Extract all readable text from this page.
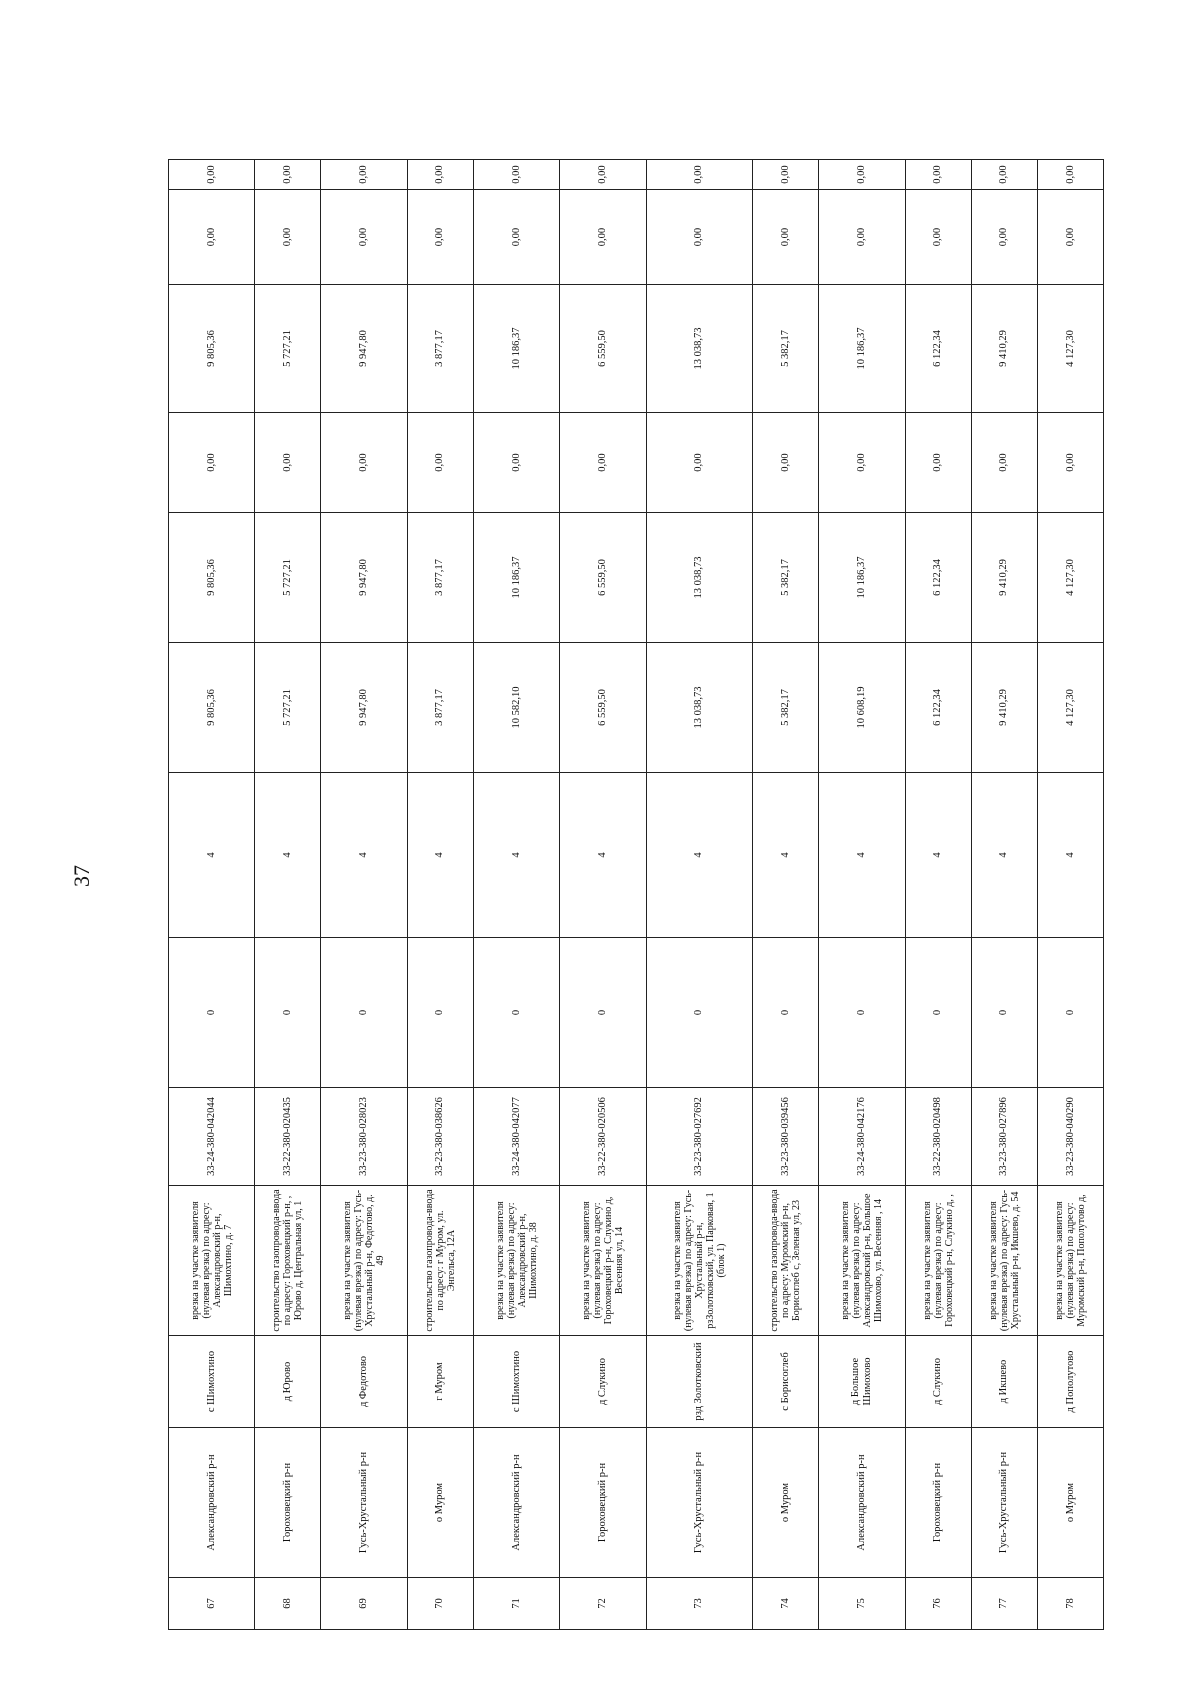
37
67	Александровский р-н	с Шимохтино	врезка на участке заявителя (нулевая врезка) по адресу: Александровский р-н, Шимохтино, д. 7	33-24-380-042044	0	4	9 805,36	9 805,36	0,00	9 805,36	0,00	0,00
68	Гороховецкий р-н	д Юрово	строительство газопровода-ввода по адресу: Гороховецкий р-н, , Юрово д, Центральная ул, 1	33-22-380-020435	0	4	5 727,21	5 727,21	0,00	5 727,21	0,00	0,00
69	Гусь-Хрустальный р-н	д Федотово	врезка на участке заявителя (нулевая врезка) по адресу: Гусь-Хрустальный р-н, Федотово, д. 49	33-23-380-028023	0	4	9 947,80	9 947,80	0,00	9 947,80	0,00	0,00
70	о Муром	г Муром	строительство газопровода-ввода по адресу: г Муром, ул. Энгельса, 12А	33-23-380-038626	0	4	3 877,17	3 877,17	0,00	3 877,17	0,00	0,00
71	Александровский р-н	с Шимохтино	врезка на участке заявителя (нулевая врезка) по адресу: Александровский р-н, Шимохтино, д. 38	33-24-380-042077	0	4	10 582,10	10 186,37	0,00	10 186,37	0,00	0,00
72	Гороховецкий р-н	д Слукино	врезка на участке заявителя (нулевая врезка) по адресу: Гороховецкий р-н, Слукино д, Весенняя ул, 14	33-22-380-020506	0	4	6 559,50	6 559,50	0,00	6 559,50	0,00	0,00
73	Гусь-Хрустальный р-н	рзд Золотковский	врезка на участке заявителя (нулевая врезка) по адресу: Гусь-Хрустальный р-н, рзЗолотковский, ул. Парковая, 1 (блок 1)	33-23-380-027692	0	4	13 038,73	13 038,73	0,00	13 038,73	0,00	0,00
74	о Муром	с Борисоглеб	строительство газопровода-ввода по адресу: Муромский р-н, Борисоглеб с, Зеленая ул, 23	33-23-380-039456	0	4	5 382,17	5 382,17	0,00	5 382,17	0,00	0,00
75	Александровский р-н	д Большое Шимохово	врезка на участке заявителя (нулевая врезка) по адресу: Александровский р-н, Большое Шимохово, ул. Весенняя , 14	33-24-380-042176	0	4	10 608,19	10 186,37	0,00	10 186,37	0,00	0,00
76	Гороховецкий р-н	д Слукино	врезка на участке заявителя (нулевая врезка) по адресу: Гороховецкий р-н, Слукино д, ,	33-22-380-020498	0	4	6 122,34	6 122,34	0,00	6 122,34	0,00	0,00
77	Гусь-Хрустальный р-н	д Икшево	врезка на участке заявителя (нулевая врезка) по адресу: Гусь-Хрустальный р-н, Икшево, д. 54	33-23-380-027896	0	4	9 410,29	9 410,29	0,00	9 410,29	0,00	0,00
78	о Муром	д Пополутово	врезка на участке заявителя (нулевая врезка) по адресу: Муромский р-н, Пополутово д,	33-23-380-040290	0	4	4 127,30	4 127,30	0,00	4 127,30	0,00	0,00
